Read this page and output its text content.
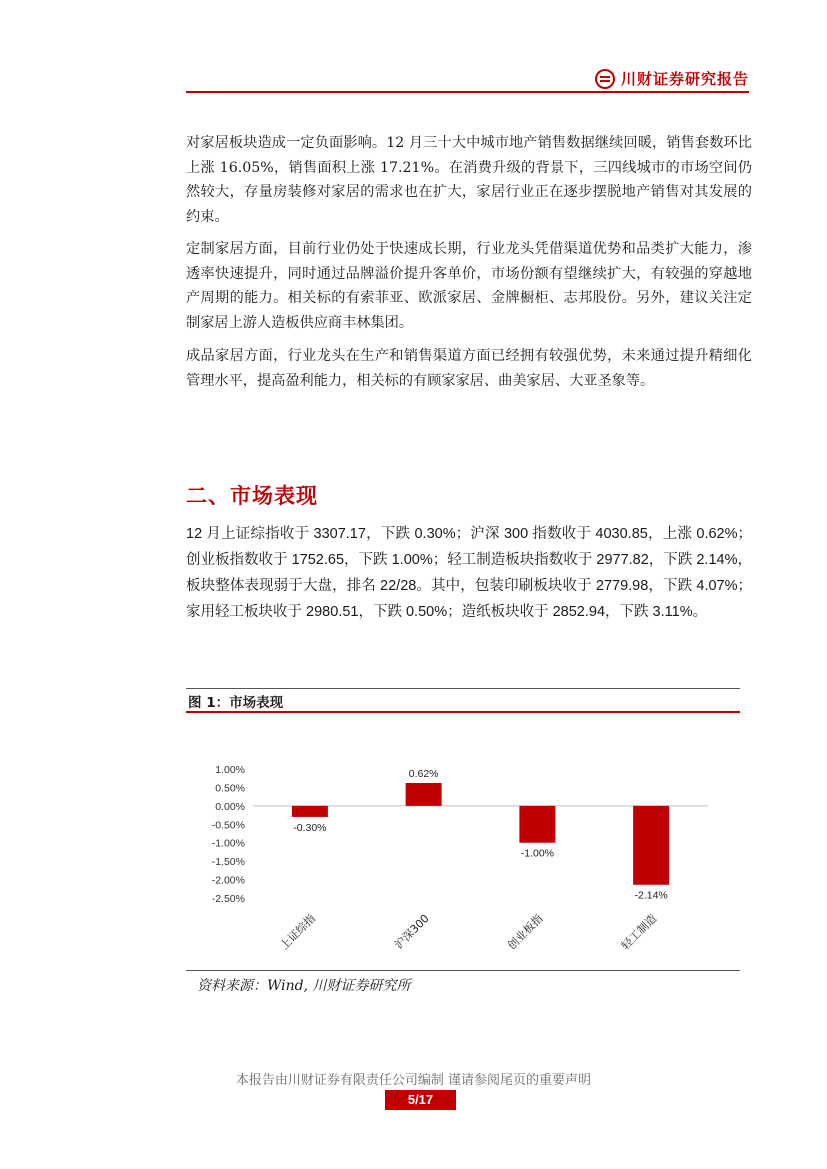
川财证券研究报告

对家居板块造成一定负面影响。12 月三十大中城市地产销售数据继续回暖，销售套数环比上涨 16.05%，销售面积上涨 17.21%。在消费升级的背景下，三四线城市的市场空间仍然较大，存量房装修对家居的需求也在扩大，家居行业正在逐步摆脱地产销售对其发展的约束。

定制家居方面，目前行业仍处于快速成长期，行业龙头凭借渠道优势和品类扩大能力，渗透率快速提升，同时通过品牌溢价提升客单价，市场份额有望继续扩大，有较强的穿越地产周期的能力。相关标的有索菲亚、欧派家居、金牌橱柜、志邦股份。另外，建议关注定制家居上游人造板供应商丰林集团。

成品家居方面，行业龙头在生产和销售渠道方面已经拥有较强优势，未来通过提升精细化管理水平，提高盈利能力，相关标的有顾家家居、曲美家居、大亚圣象等。

二、市场表现

12 月上证综指收于 3307.17，下跌 0.30%；沪深 300 指数收于 4030.85，上涨 0.62%；创业板指数收于 1752.65，下跌 1.00%；轻工制造板块指数收于 2977.82，下跌 2.14%，板块整体表现弱于大盘，排名 22/28。其中，包装印刷板块收于 2779.98，下跌 4.07%；家用轻工板块收于 2980.51，下跌 0.50%；造纸板块收于 2852.94，下跌 3.11%。

图 1：市场表现
1.00%
0.50%
0.00%
-0.50%
-1.00%
-1.50%
-2.00%
-2.50%
-0.30%
上证综指
0.62%
沪深300
-1.00%
创业板指
-2.14%
轻工制造
资料来源：Wind, 川财证券研究所
本报告由川财证券有限责任公司编制 谨请参阅尾页的重要声明
5/17
